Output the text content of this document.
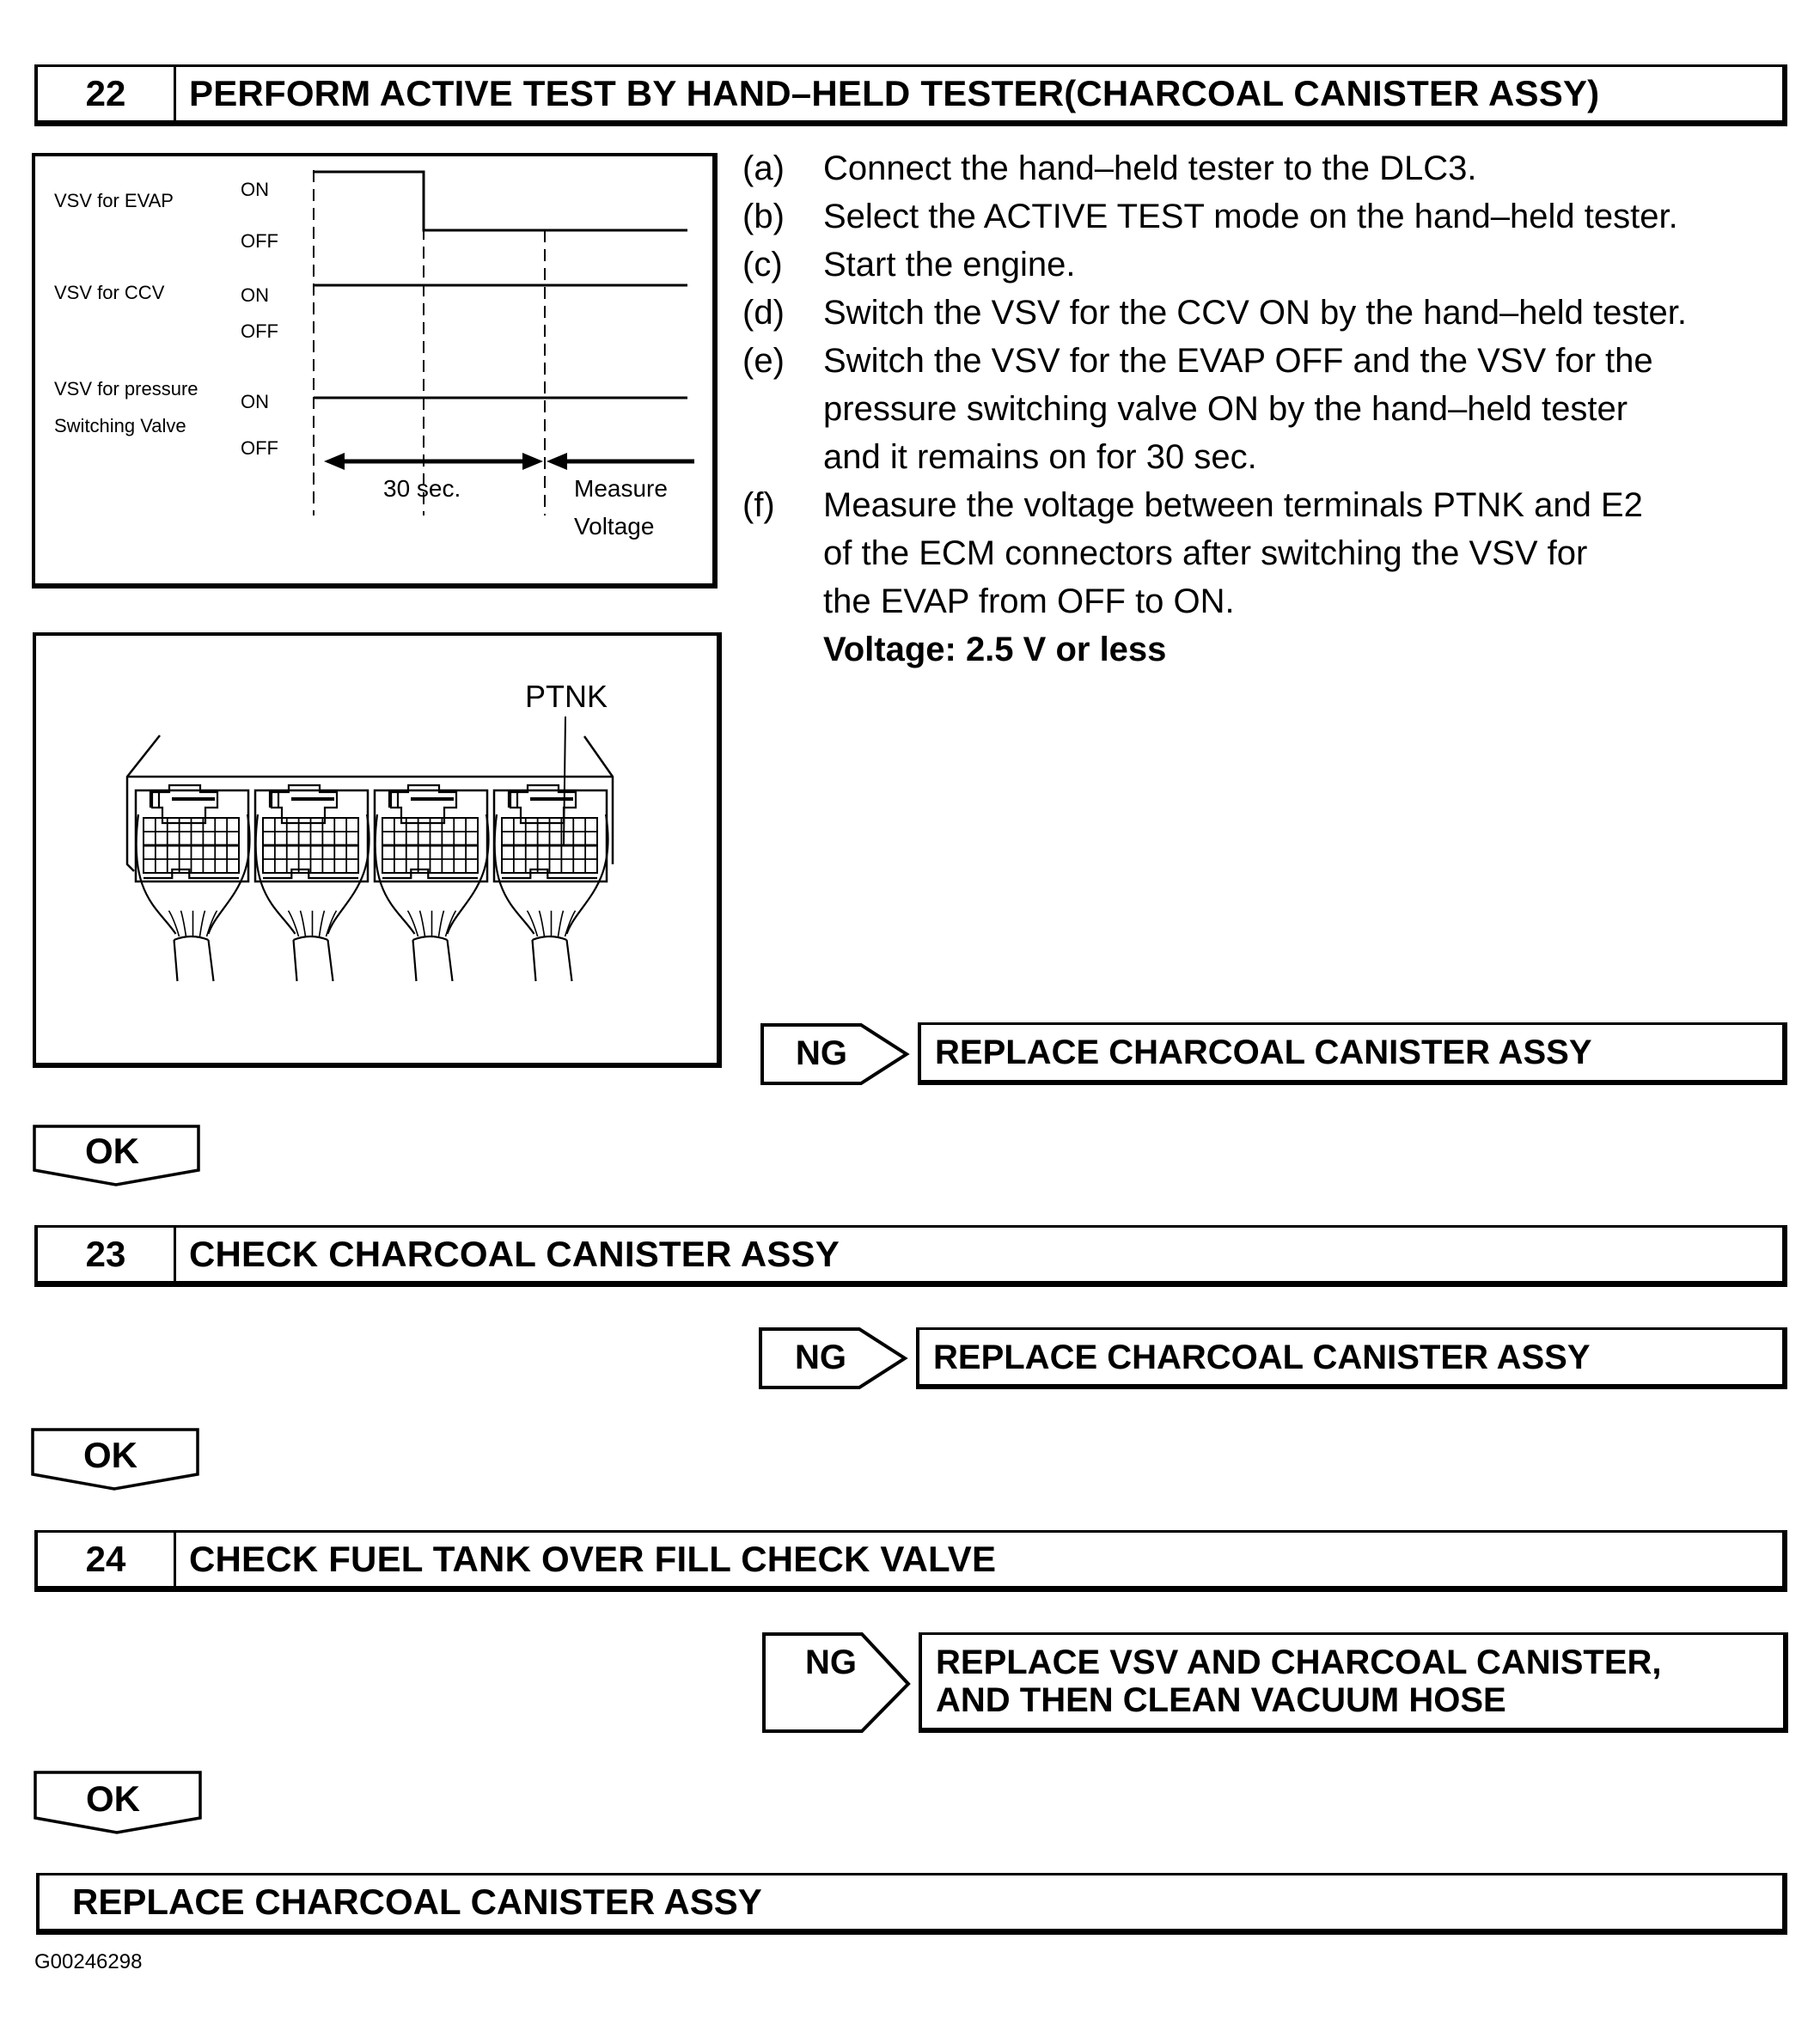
22	PERFORM ACTIVE TEST BY HAND–HELD TESTER(CHARCOAL CANISTER ASSY)
VSV for EVAP
ON
OFF
VSV for CCV	ON
OFF
VSV for pressure
Switching Valve
ON
OFF
30 sec.	Measure
Voltage
(a) Connect the hand–held tester to the DLC3.
(b) Select the ACTIVE TEST mode on the hand–held tester.
(c) Start the engine.
(d) Switch the VSV for the CCV ON by the hand–held tester.
(e) Switch the VSV for the EVAP OFF and the VSV for the
pressure switching valve ON by the hand–held tester
and it remains on for 30 sec.
(f) Measure the voltage between terminals PTNK and E2
of the ECM connectors after switching the VSV for
the EVAP from OFF to ON.
Voltage: 2.5 V or less
PTNK
NG	REPLACE CHARCOAL CANISTER ASSY
OK
23	CHECK CHARCOAL CANISTER ASSY
NG	REPLACE CHARCOAL CANISTER ASSY
OK
24	CHECK FUEL TANK OVER FILL CHECK VALVE
NG REPLACE VSV AND CHARCOAL CANISTER,
AND THEN CLEAN VACUUM HOSE
OK
REPLACE CHARCOAL CANISTER ASSY
G00246298
